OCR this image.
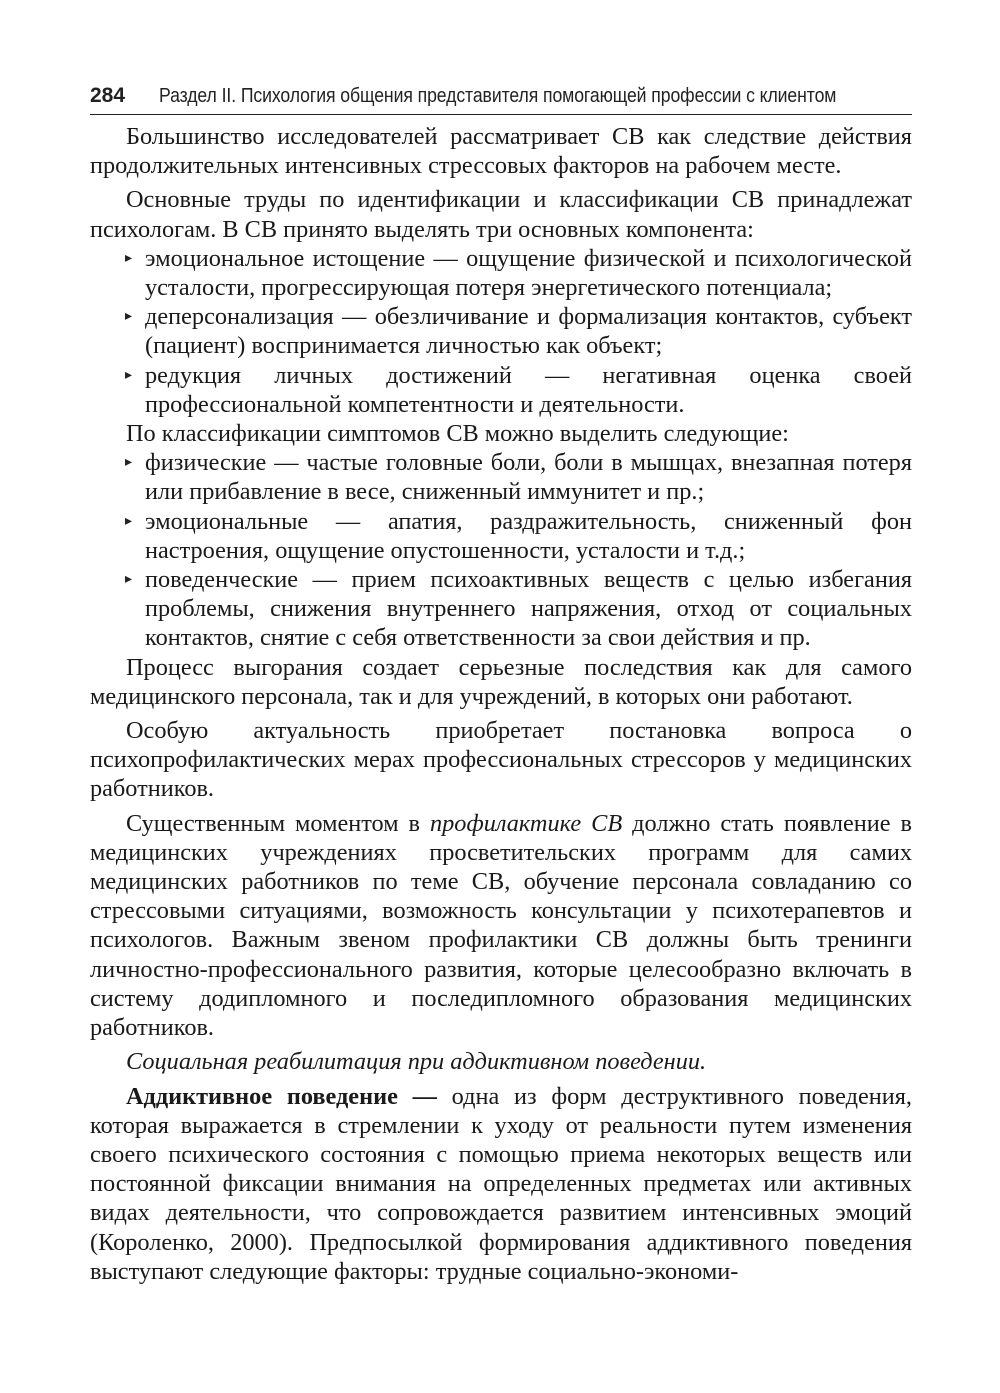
284 Раздел II. Психология общения представителя помогающей профессии с клиентом

Большинство исследователей рассматривает СВ как следствие действия продолжительных интенсивных стрессовых факторов на рабочем месте.

Основные труды по идентификации и классификации СВ принадлежат психологам. В СВ принято выделять три основных компонента:

▸ эмоциональное истощение — ощущение физической и психологической усталости, прогрессирующая потеря энергетического потенциала;
▸ деперсонализация — обезличивание и формализация контактов, субъект (пациент) воспринимается личностью как объект;
▸ редукция личных достижений — негативная оценка своей профессиональной компетентности и деятельности.

По классификации симптомов СВ можно выделить следующие:

▸ физические — частые головные боли, боли в мышцах, внезапная потеря или прибавление в весе, сниженный иммунитет и пр.;
▸ эмоциональные — апатия, раздражительность, сниженный фон настроения, ощущение опустошенности, усталости и т.д.;
▸ поведенческие — прием психоактивных веществ с целью избегания проблемы, снижения внутреннего напряжения, отход от социальных контактов, снятие с себя ответственности за свои действия и пр.

Процесс выгорания создает серьезные последствия как для самого медицинского персонала, так и для учреждений, в которых они работают.

Особую актуальность приобретает постановка вопроса о психопрофилактических мерах профессиональных стрессоров у медицинских работников.

Существенным моментом в профилактике СВ должно стать появление в медицинских учреждениях просветительских программ для самих медицинских работников по теме СВ, обучение персонала совладанию со стрессовыми ситуациями, возможность консультации у психотерапевтов и психологов. Важным звеном профилактики СВ должны быть тренинги личностно-профессионального развития, которые целесообразно включать в систему додипломного и последипломного образования медицинских работников.

Социальная реабилитация при аддиктивном поведении.

Аддиктивное поведение — одна из форм деструктивного поведения, которая выражается в стремлении к уходу от реальности путем изменения своего психического состояния с помощью приема некоторых веществ или постоянной фиксации внимания на определенных предметах или активных видах деятельности, что сопровождается развитием интенсивных эмоций (Короленко, 2000). Предпосылкой формирования аддиктивного поведения выступают следующие факторы: трудные социально-экономи-
